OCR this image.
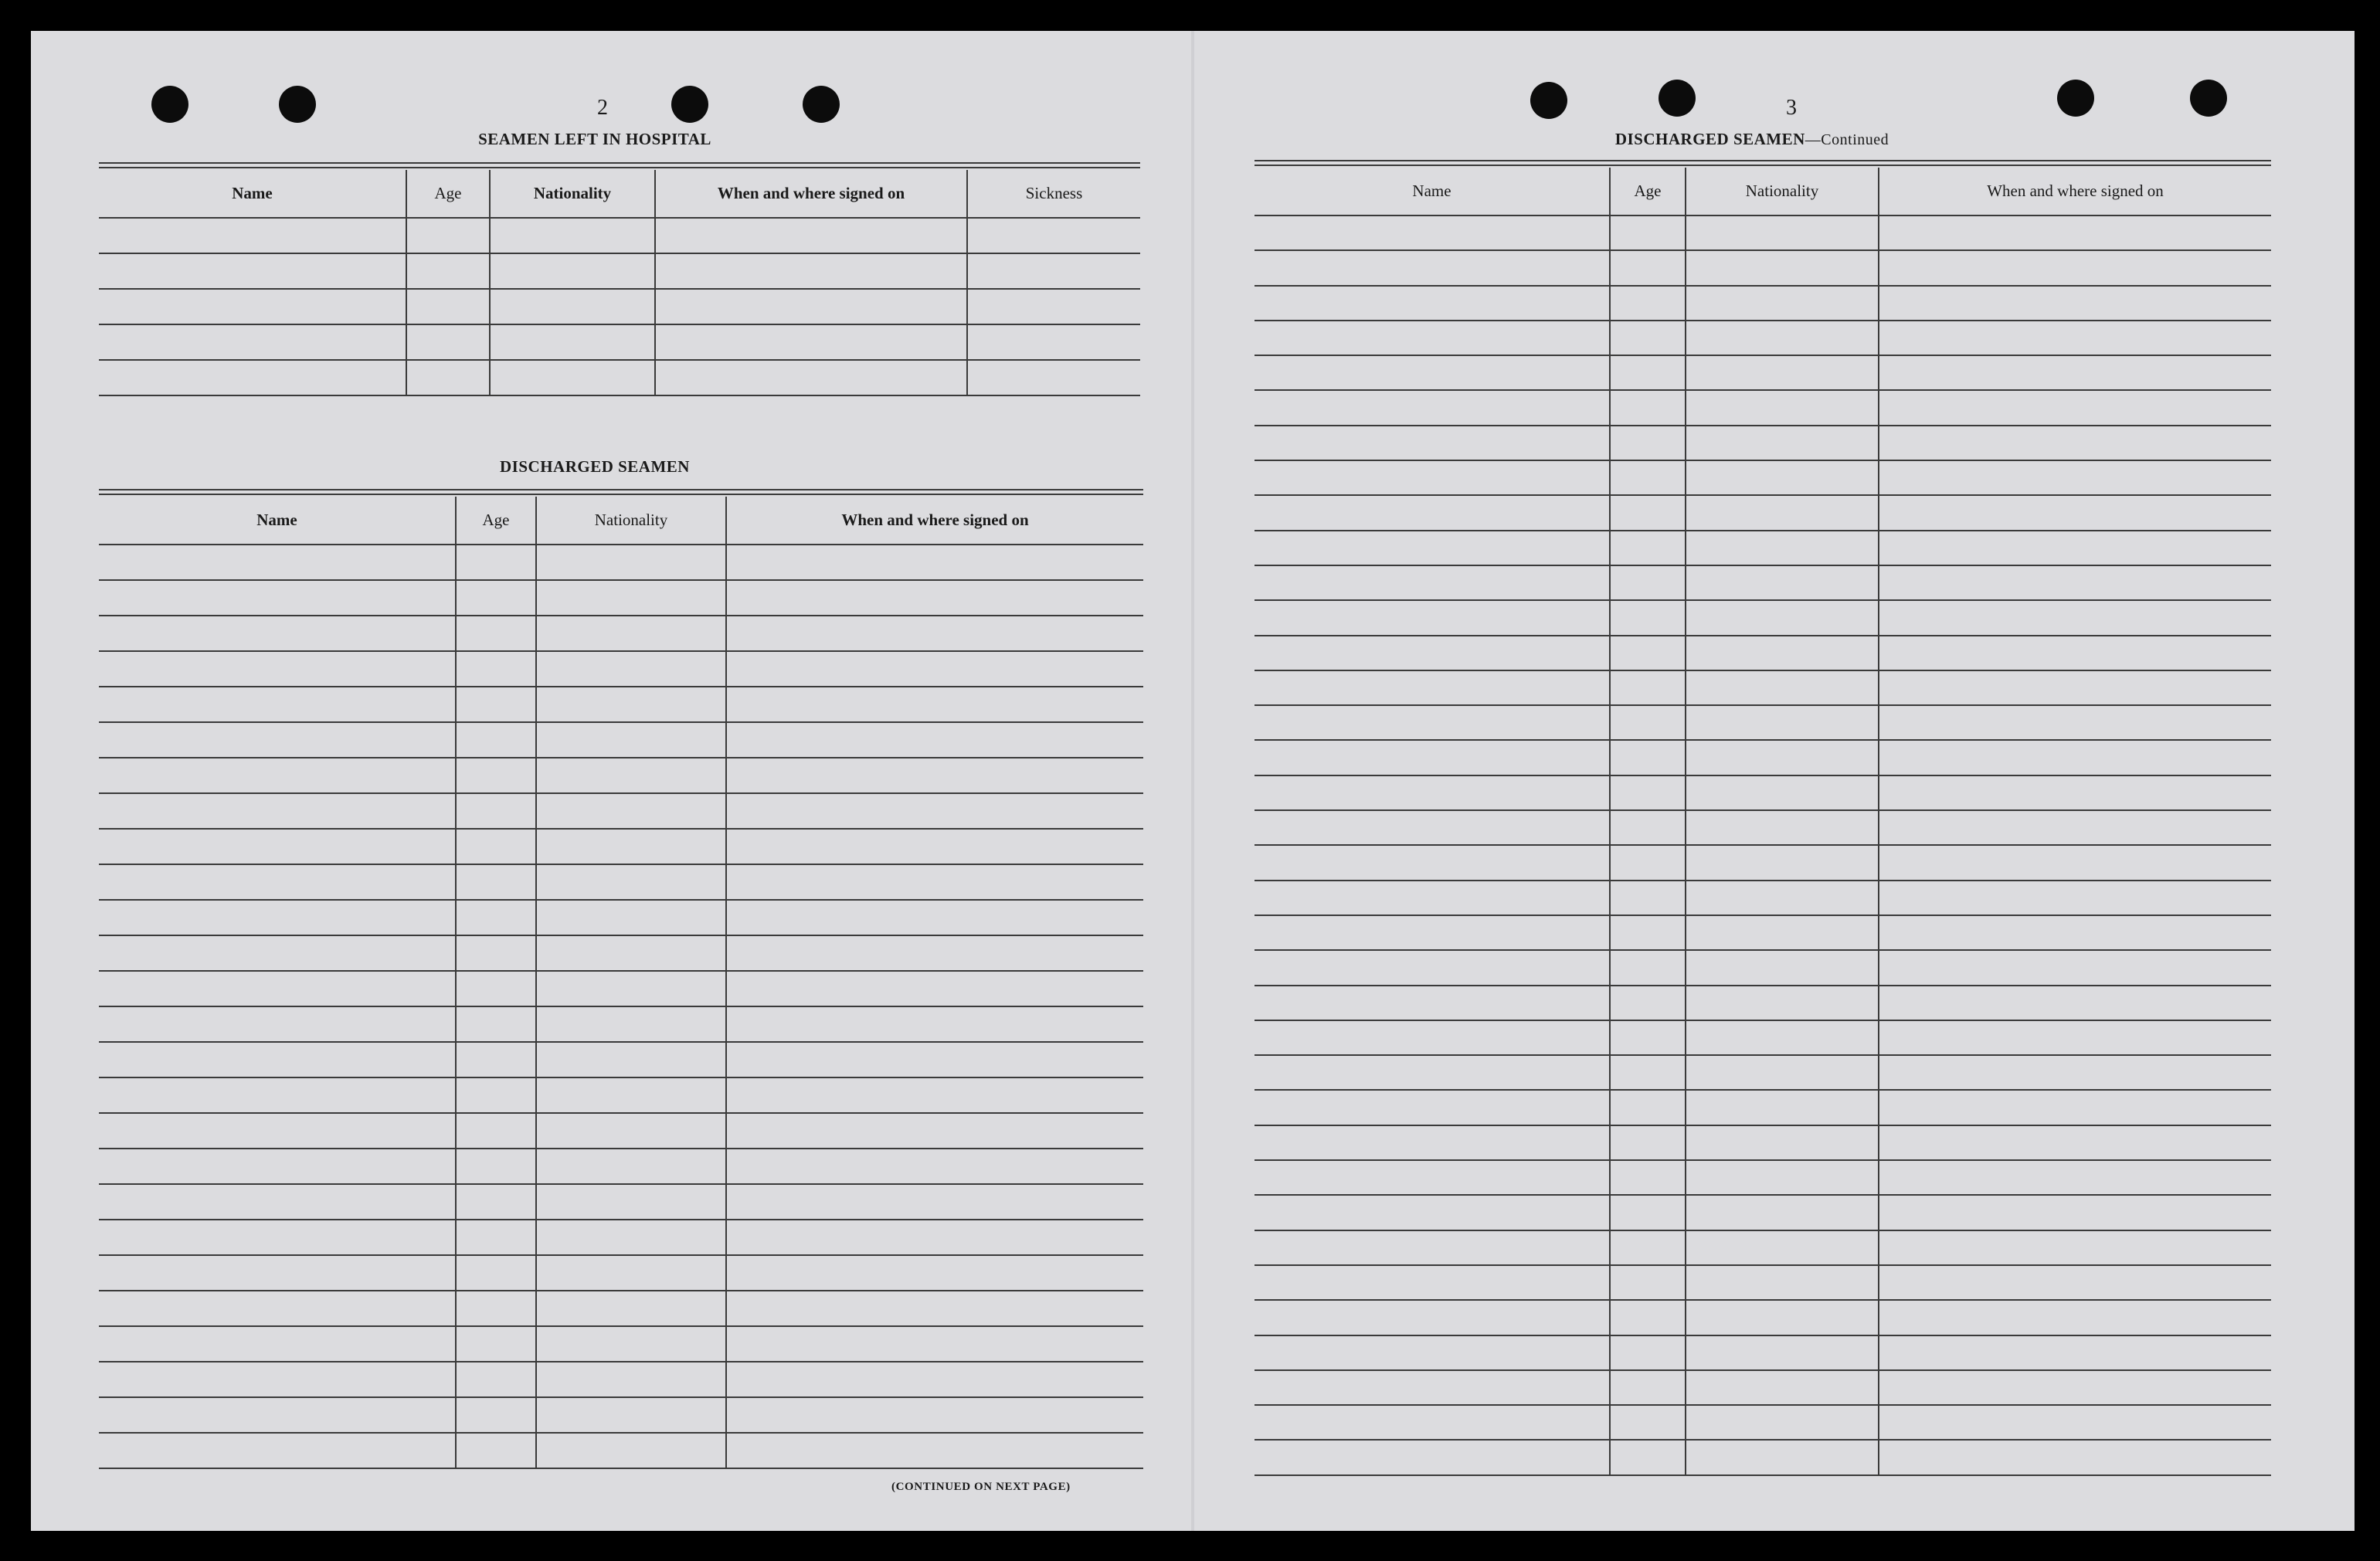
2
SEAMEN LEFT IN HOSPITAL
Name	Age	Nationality	When and where signed on	Sickness

DISCHARGED SEAMEN
Name	Age	Nationality	When and where signed on

(CONTINUED ON NEXT PAGE)
3
DISCHARGED SEAMEN—Continued
Name	Age	Nationality	When and where signed on
